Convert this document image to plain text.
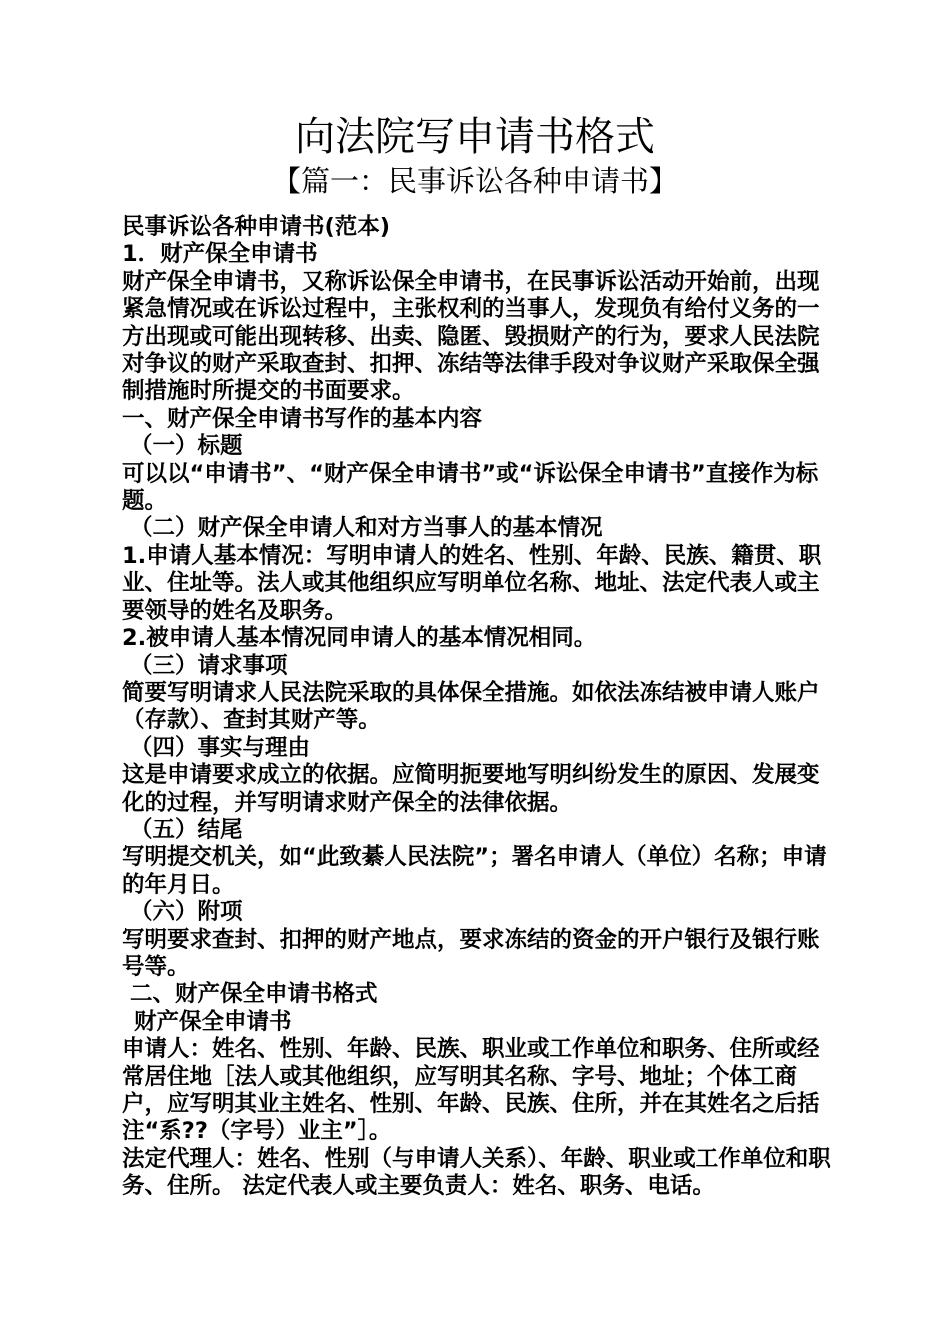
向法院写申请书格式
【篇一：民事诉讼各种申请书】

民事诉讼各种申请书(范本)

1．财产保全申请书

财产保全申请书，又称诉讼保全申请书，在民事诉讼活动开始前，出现紧急情况或在诉讼过程中，主张权利的当事人，发现负有给付义务的一方出现或可能出现转移、出卖、隐匿、毁损财产的行为，要求人民法院对争议的财产采取查封、扣押、冻结等法律手段对争议财产采取保全强制措施时所提交的书面要求。

一、财产保全申请书写作的基本内容

（一）标题

可以以“申请书”、“财产保全申请书”或“诉讼保全申请书”直接作为标题。

（二）财产保全申请人和对方当事人的基本情况

1.申请人基本情况：写明申请人的姓名、性别、年龄、民族、籍贯、职业、住址等。法人或其他组织应写明单位名称、地址、法定代表人或主要领导的姓名及职务。

2.被申请人基本情况同申请人的基本情况相同。

（三）请求事项

简要写明请求人民法院采取的具体保全措施。如依法冻结被申请人账户（存款）、查封其财产等。

（四）事实与理由

这是申请要求成立的依据。应简明扼要地写明纠纷发生的原因、发展变化的过程，并写明请求财产保全的法律依据。

（五）结尾

写明提交机关，如“此致綦人民法院”；署名申请人（单位）名称；申请的年月日。

（六）附项

写明要求查封、扣押的财产地点，要求冻结的资金的开户银行及银行账号等。

二、财产保全申请书格式

财产保全申请书

申请人：姓名、性别、年龄、民族、职业或工作单位和职务、住所或经常居住地［法人或其他组织，应写明其名称、字号、地址；个体工商户，应写明其业主姓名、性别、年龄、民族、住所，并在其姓名之后括注“系??（字号）业主”］。

法定代理人：姓名、性别（与申请人关系）、年龄、职业或工作单位和职务、住所。 法定代表人或主要负责人：姓名、职务、电话。
